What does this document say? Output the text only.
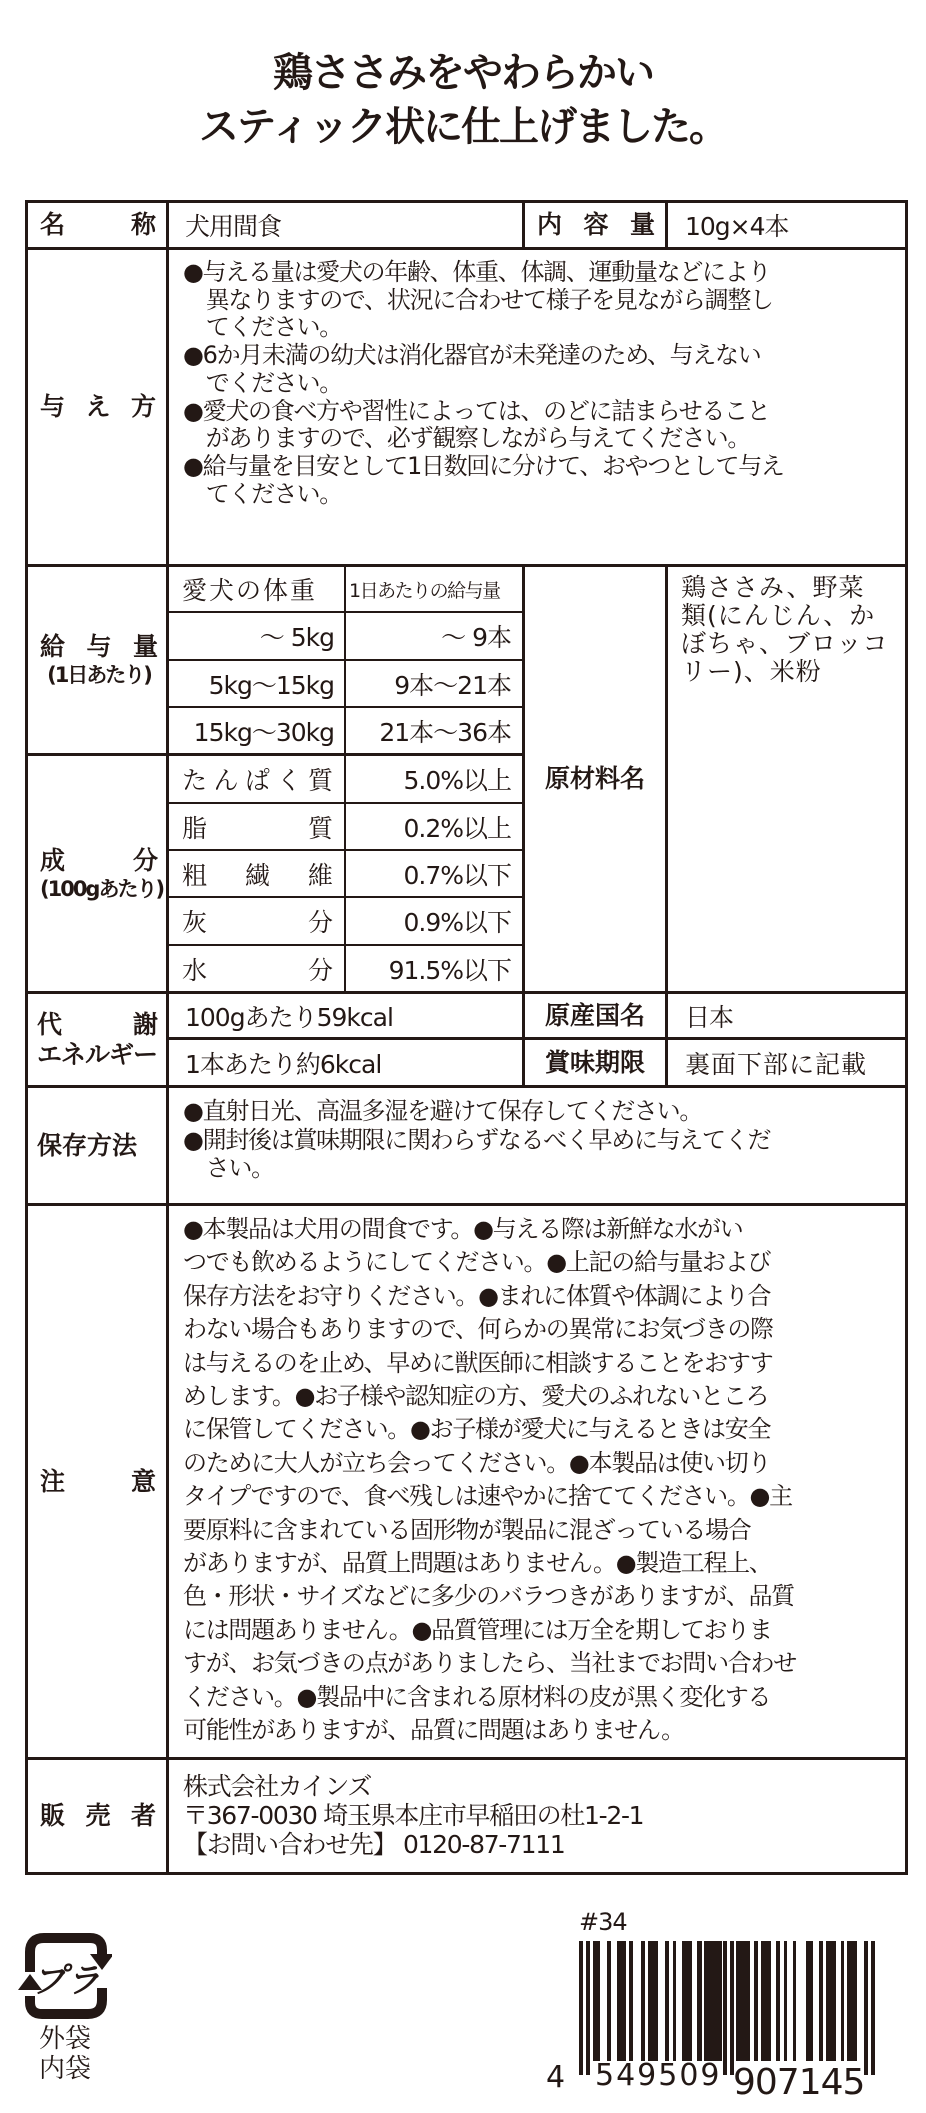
鶏ささみをやわらかい
スティック状に仕上げました。
名	称 犬用間食	内 容 量 10g×4本
与 え 方
●与える量は愛犬の年齢、体重、体調、運動量などにより
　異なりますので、状況に合わせて様子を見ながら調整し
　てください。
●6か月未満の幼犬は消化器官が未発達のため、与えない
　でください。
●愛犬の食べ方や習性によっては、のどに詰まらせること
　がありますので、必ず観察しながら与えてください。
●給与量を目安として1日数回に分けて、おやつとして与え
　てください。
給 与 量
(1日あたり)
愛犬の体重	1日あたりの給与量
～ 5kg	～ 9本
5kg～15kg	9本～21本
15kg～30kg	21本～36本
成	分
(100gあたり)
た ん ぱ く 質	5.0%以上
脂	質	0.2%以上
粗 繊 維	0.7%以下
灰	分	0.9%以下
水	分	91.5%以下
原材料名
鶏ささみ、野菜
類(にんじん、か
ぼちゃ、ブロッコ
リー)、米粉
代	謝
エネルギー
100gあたり59kcal
1本あたり約6kcal
原産国名 日本
賞味期限 裏面下部に記載
保存方法
●直射日光、高温多湿を避けて保存してください。
●開封後は賞味期限に関わらずなるべく早めに与えてくだ
　さい。
注	意
●本製品は犬用の間食です。●与える際は新鮮な水がい
つでも飲めるようにしてください。●上記の給与量および
保存方法をお守りください。●まれに体質や体調により合
わない場合もありますので、何らかの異常にお気づきの際
は与えるのを止め、早めに獣医師に相談することをおすす
めします。●お子様や認知症の方、愛犬のふれないところ
に保管してください。●お子様が愛犬に与えるときは安全
のために大人が立ち会ってください。●本製品は使い切り
タイプですので、食べ残しは速やかに捨ててください。●主
要原料に含まれている固形物が製品に混ざっている場合
がありますが、品質上問題はありません。●製造工程上、
色・形状・サイズなどに多少のバラつきがありますが、品質
には問題ありません。●品質管理には万全を期しておりま
すが、お気づきの点がありましたら、当社までお問い合わせ
ください。●製品中に含まれる原材料の皮が黒く変化する
可能性がありますが、品質に問題はありません。
販 売 者
株式会社カインズ
〒367-0030 埼玉県本庄市早稲田の杜1-2-1
【お問い合わせ先】 0120-87-7111
プラ
外袋
内袋
#34
4 549509 907145
